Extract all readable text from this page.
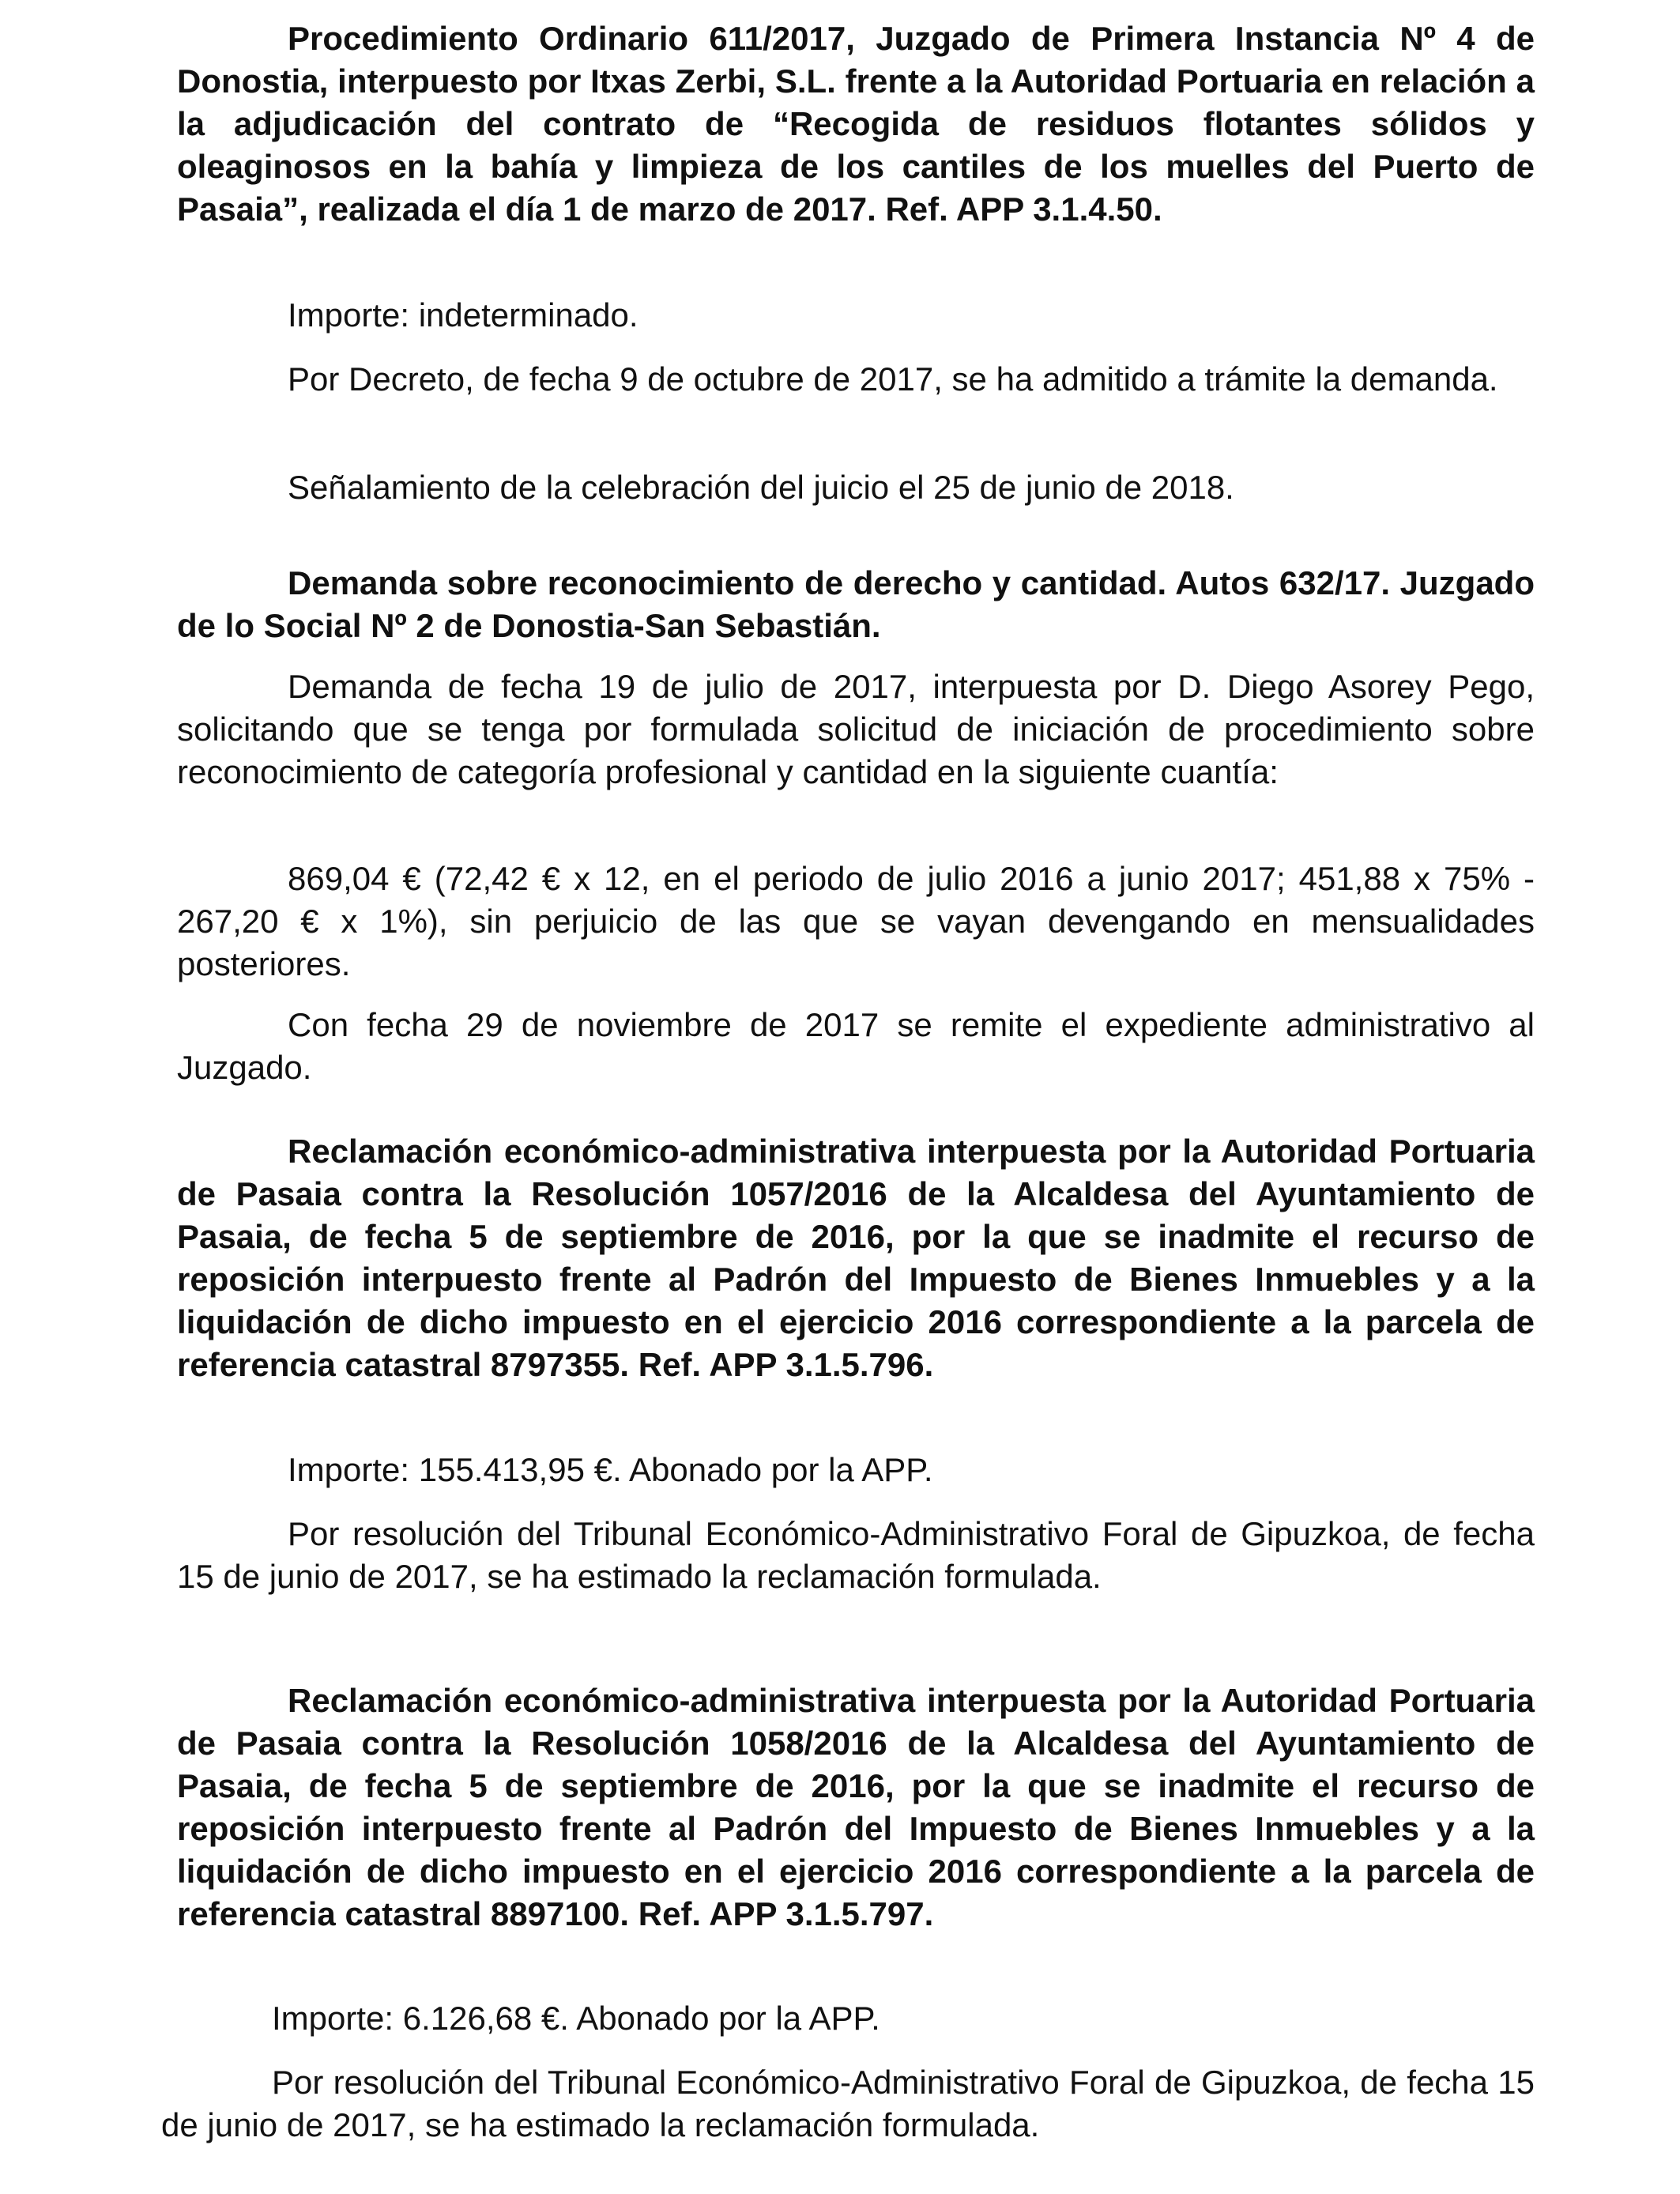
Procedimiento Ordinario 611/2017, Juzgado de Primera Instancia Nº 4 de Donostia, interpuesto por Itxas Zerbi, S.L. frente a la Autoridad Portuaria en relación a la adjudicación del contrato de “Recogida de residuos flotantes sólidos y oleaginosos en la bahía y limpieza de los cantiles de los muelles del Puerto de Pasaia”, realizada el día 1 de marzo de 2017. Ref. APP 3.1.4.50.

Importe: indeterminado.

Por Decreto, de fecha 9 de octubre de 2017, se ha admitido a trámite la demanda.

Señalamiento de la celebración del juicio el 25 de junio de 2018.

Demanda sobre reconocimiento de derecho y cantidad. Autos 632/17. Juzgado de lo Social Nº 2 de Donostia-San Sebastián.

Demanda de fecha 19 de julio de 2017, interpuesta por D. Diego Asorey Pego, solicitando que se tenga por formulada solicitud de iniciación de procedimiento sobre reconocimiento de categoría profesional y cantidad en la siguiente cuantía:

869,04 € (72,42 € x 12, en el periodo de julio 2016 a junio 2017; 451,88 x 75% - 267,20 € x 1%), sin perjuicio de las que se vayan devengando en mensualidades posteriores.

Con fecha 29 de noviembre de 2017 se remite el expediente administrativo al Juzgado.

Reclamación económico-administrativa interpuesta por la Autoridad Portuaria de Pasaia contra la Resolución 1057/2016 de la Alcaldesa del Ayuntamiento de Pasaia, de fecha 5 de septiembre de 2016, por la que se inadmite el recurso de reposición interpuesto frente al Padrón del Impuesto de Bienes Inmuebles y a la liquidación de dicho impuesto en el ejercicio 2016 correspondiente a la parcela de referencia catastral 8797355. Ref. APP 3.1.5.796.

Importe: 155.413,95 €. Abonado por la APP.

Por resolución del Tribunal Económico-Administrativo Foral de Gipuzkoa, de fecha 15 de junio de 2017, se ha estimado la reclamación formulada.

Reclamación económico-administrativa interpuesta por la Autoridad Portuaria de Pasaia contra la Resolución 1058/2016 de la Alcaldesa del Ayuntamiento de Pasaia, de fecha 5 de septiembre de 2016, por la que se inadmite el recurso de reposición interpuesto frente al Padrón del Impuesto de Bienes Inmuebles y a la liquidación de dicho impuesto en el ejercicio 2016 correspondiente a la parcela de referencia catastral 8897100. Ref. APP 3.1.5.797.

Importe: 6.126,68 €. Abonado por la APP.

Por resolución del Tribunal Económico-Administrativo Foral de Gipuzkoa, de fecha 15 de junio de 2017, se ha estimado la reclamación formulada.
